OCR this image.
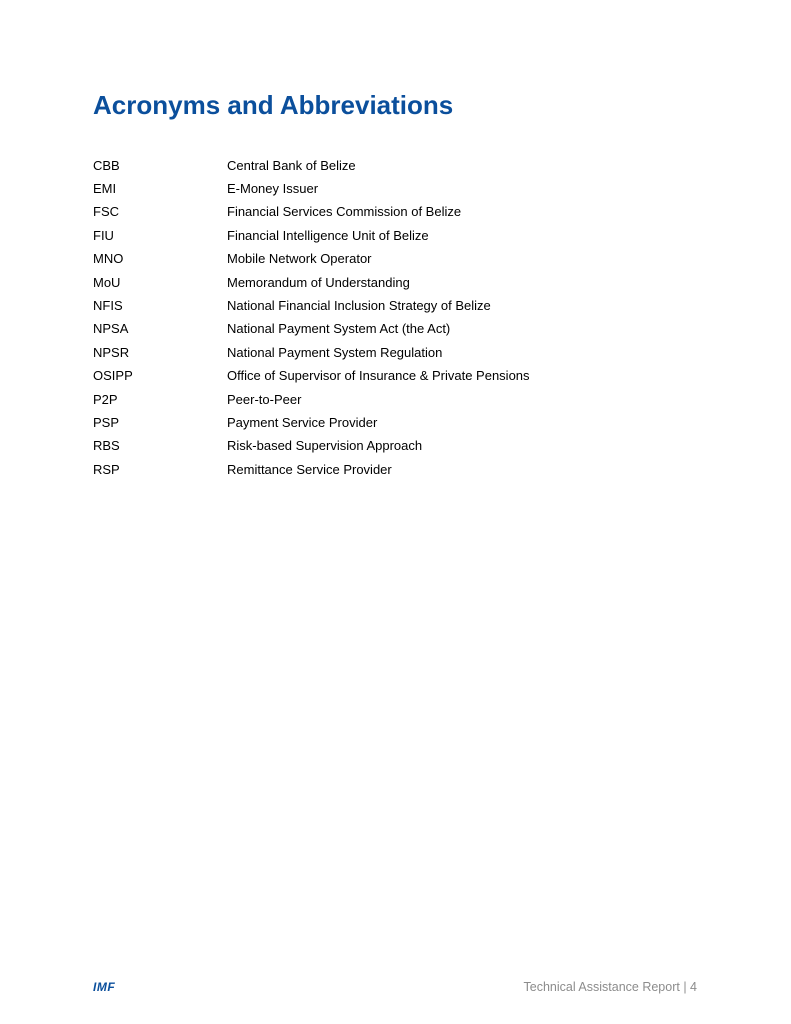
Acronyms and Abbreviations
CBB	Central Bank of Belize
EMI	E-Money Issuer
FSC	Financial Services Commission of Belize
FIU	Financial Intelligence Unit of Belize
MNO	Mobile Network Operator
MoU	Memorandum of Understanding
NFIS	National Financial Inclusion Strategy of Belize
NPSA	National Payment System Act (the Act)
NPSR	National Payment System Regulation
OSIPP	Office of Supervisor of Insurance & Private Pensions
P2P	Peer-to-Peer
PSP	Payment Service Provider
RBS	Risk-based Supervision Approach
RSP	Remittance Service Provider
IMF	Technical Assistance Report | 4
